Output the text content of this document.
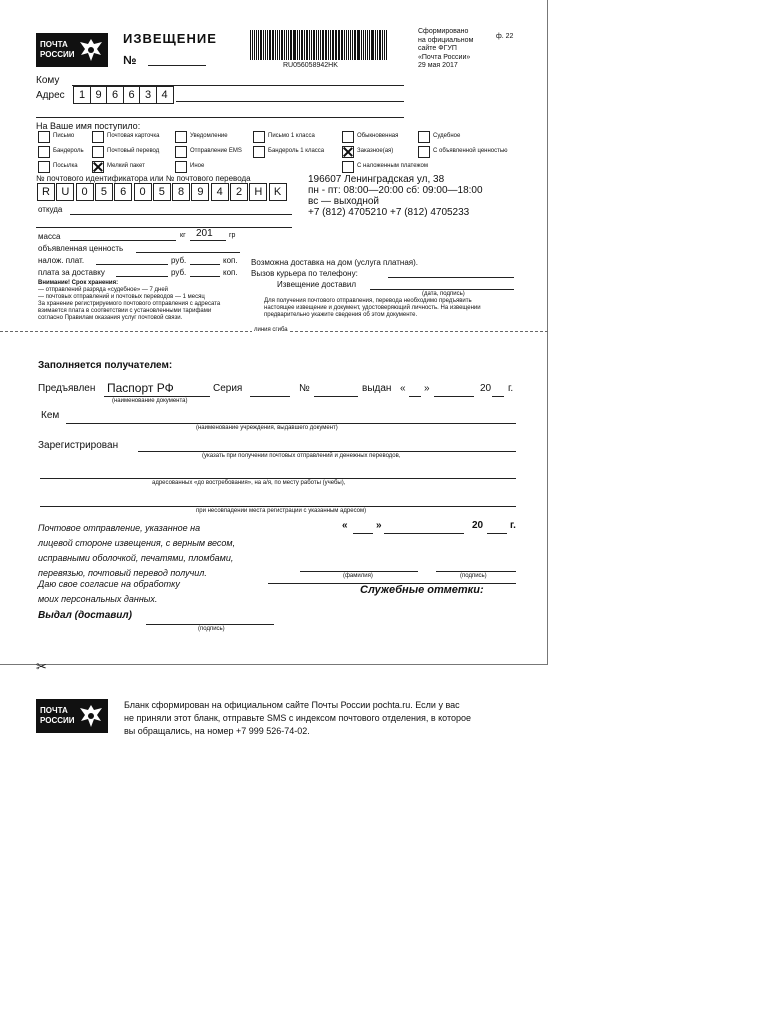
ПОЧТА
РОССИИ
ИЗВЕЩЕНИЕ
№	RU056058942HK
Сформировано
на официальном
сайте ФГУП
«Почта России»
29 мая 2017
ф. 22
Кому
Адрес	1 9 6 6 3 4
На Ваше имя поступило:
Письмо	Почтовая карточка	Уведомление	Письмо 1 класса	Обыкновенная	Судебное
Бандероль	Почтовый перевод	Отправление EMS	Бандероль 1 класса	Заказное(ая)	С объявленной ценностью
Посылка	Мелкий пакет	Иное	С наложенным платежом
№ почтового идентификатора или № почтового перевода
R	U	0	5	6	0	5	8	9	4	2	H	K
откуда
196607 Ленинградская ул, 38
пн - пт: 08:00—20:00 сб: 09:00—18:00
вс — выходной
+7 (812) 4705210 +7 (812) 4705233
масса	кг 201 гр
объявленная ценность
налож. плат.	руб.	коп.
плата за доставку	руб.	коп.
Внимание! Срок хранения:
— отправлений разряда «судебное» — 7 дней
— почтовых отправлений и почтовых переводов — 1 месяц
За хранение регистрируемого почтового отправления с адресата
взимается плата в соответствии с установленными тарифами
согласно Правилам оказания услуг почтовой связи.
Возможна доставка на дом (услуга платная).
Вызов курьера по телефону:
Извещение доставил
(дата, подпись)
Для получения почтового отправления, перевода необходимо предъявить
настоящее извещение и документ, удостоверяющий личность. На извещении
предварительно укажите сведения об этом документе.
линия сгиба
Заполняется получателем:
Предъявлен Паспорт РФ
(наименование документа)
Серия	№	выдан « »	20 г.
Кем
(наименование учреждения, выдавшего документ)
Зарегистрирован
(указать при получении почтовых отправлений и денежных переводов,
адресованных «до востребования», на а/я, по месту работы (учебы),
при несовпадении места регистрации с указанным адресом)
Почтовое отправление, указанное на
лицевой стороне извещения, с верным весом,
исправными оболочкой, печатями, пломбами,
перевязью, почтовый перевод получил.
«	»	20	г.
(фамилия)	(подпись)
Даю свое согласие на обработку
моих персональных данных.
Служебные отметки:
Выдал (доставил)
(подпись)
✂
ПОЧТА
РОССИИ
Бланк сформирован на официальном сайте Почты России pochta.ru. Если у вас
не приняли этот бланк, отправьте SMS с индексом почтового отделения, в которое
вы обращались, на номер +7 999 526-74-02.
